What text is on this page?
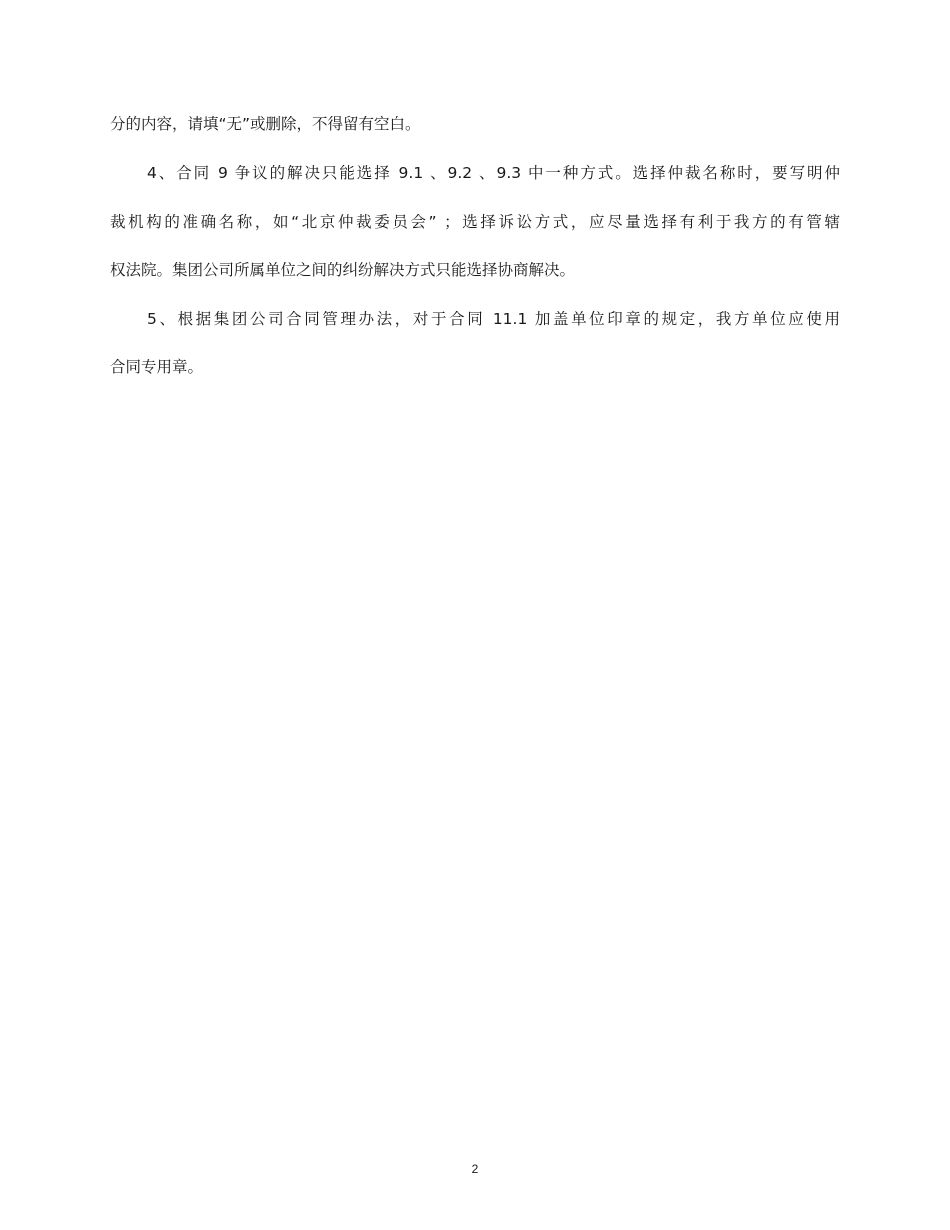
分的内容，请填“无”或删除，不得留有空白。
4、合同 9 争议的解决只能选择 9.1 、9.2 、9.3 中一种方式。选择仲裁名称时，要写明仲
裁机构的准确名称，如“北京仲裁委员会” ；选择诉讼方式，应尽量选择有利于我方的有管辖
权法院。集团公司所属单位之间的纠纷解决方式只能选择协商解决。
5、根据集团公司合同管理办法，对于合同 11.1 加盖单位印章的规定，我方单位应使用
合同专用章。
2
